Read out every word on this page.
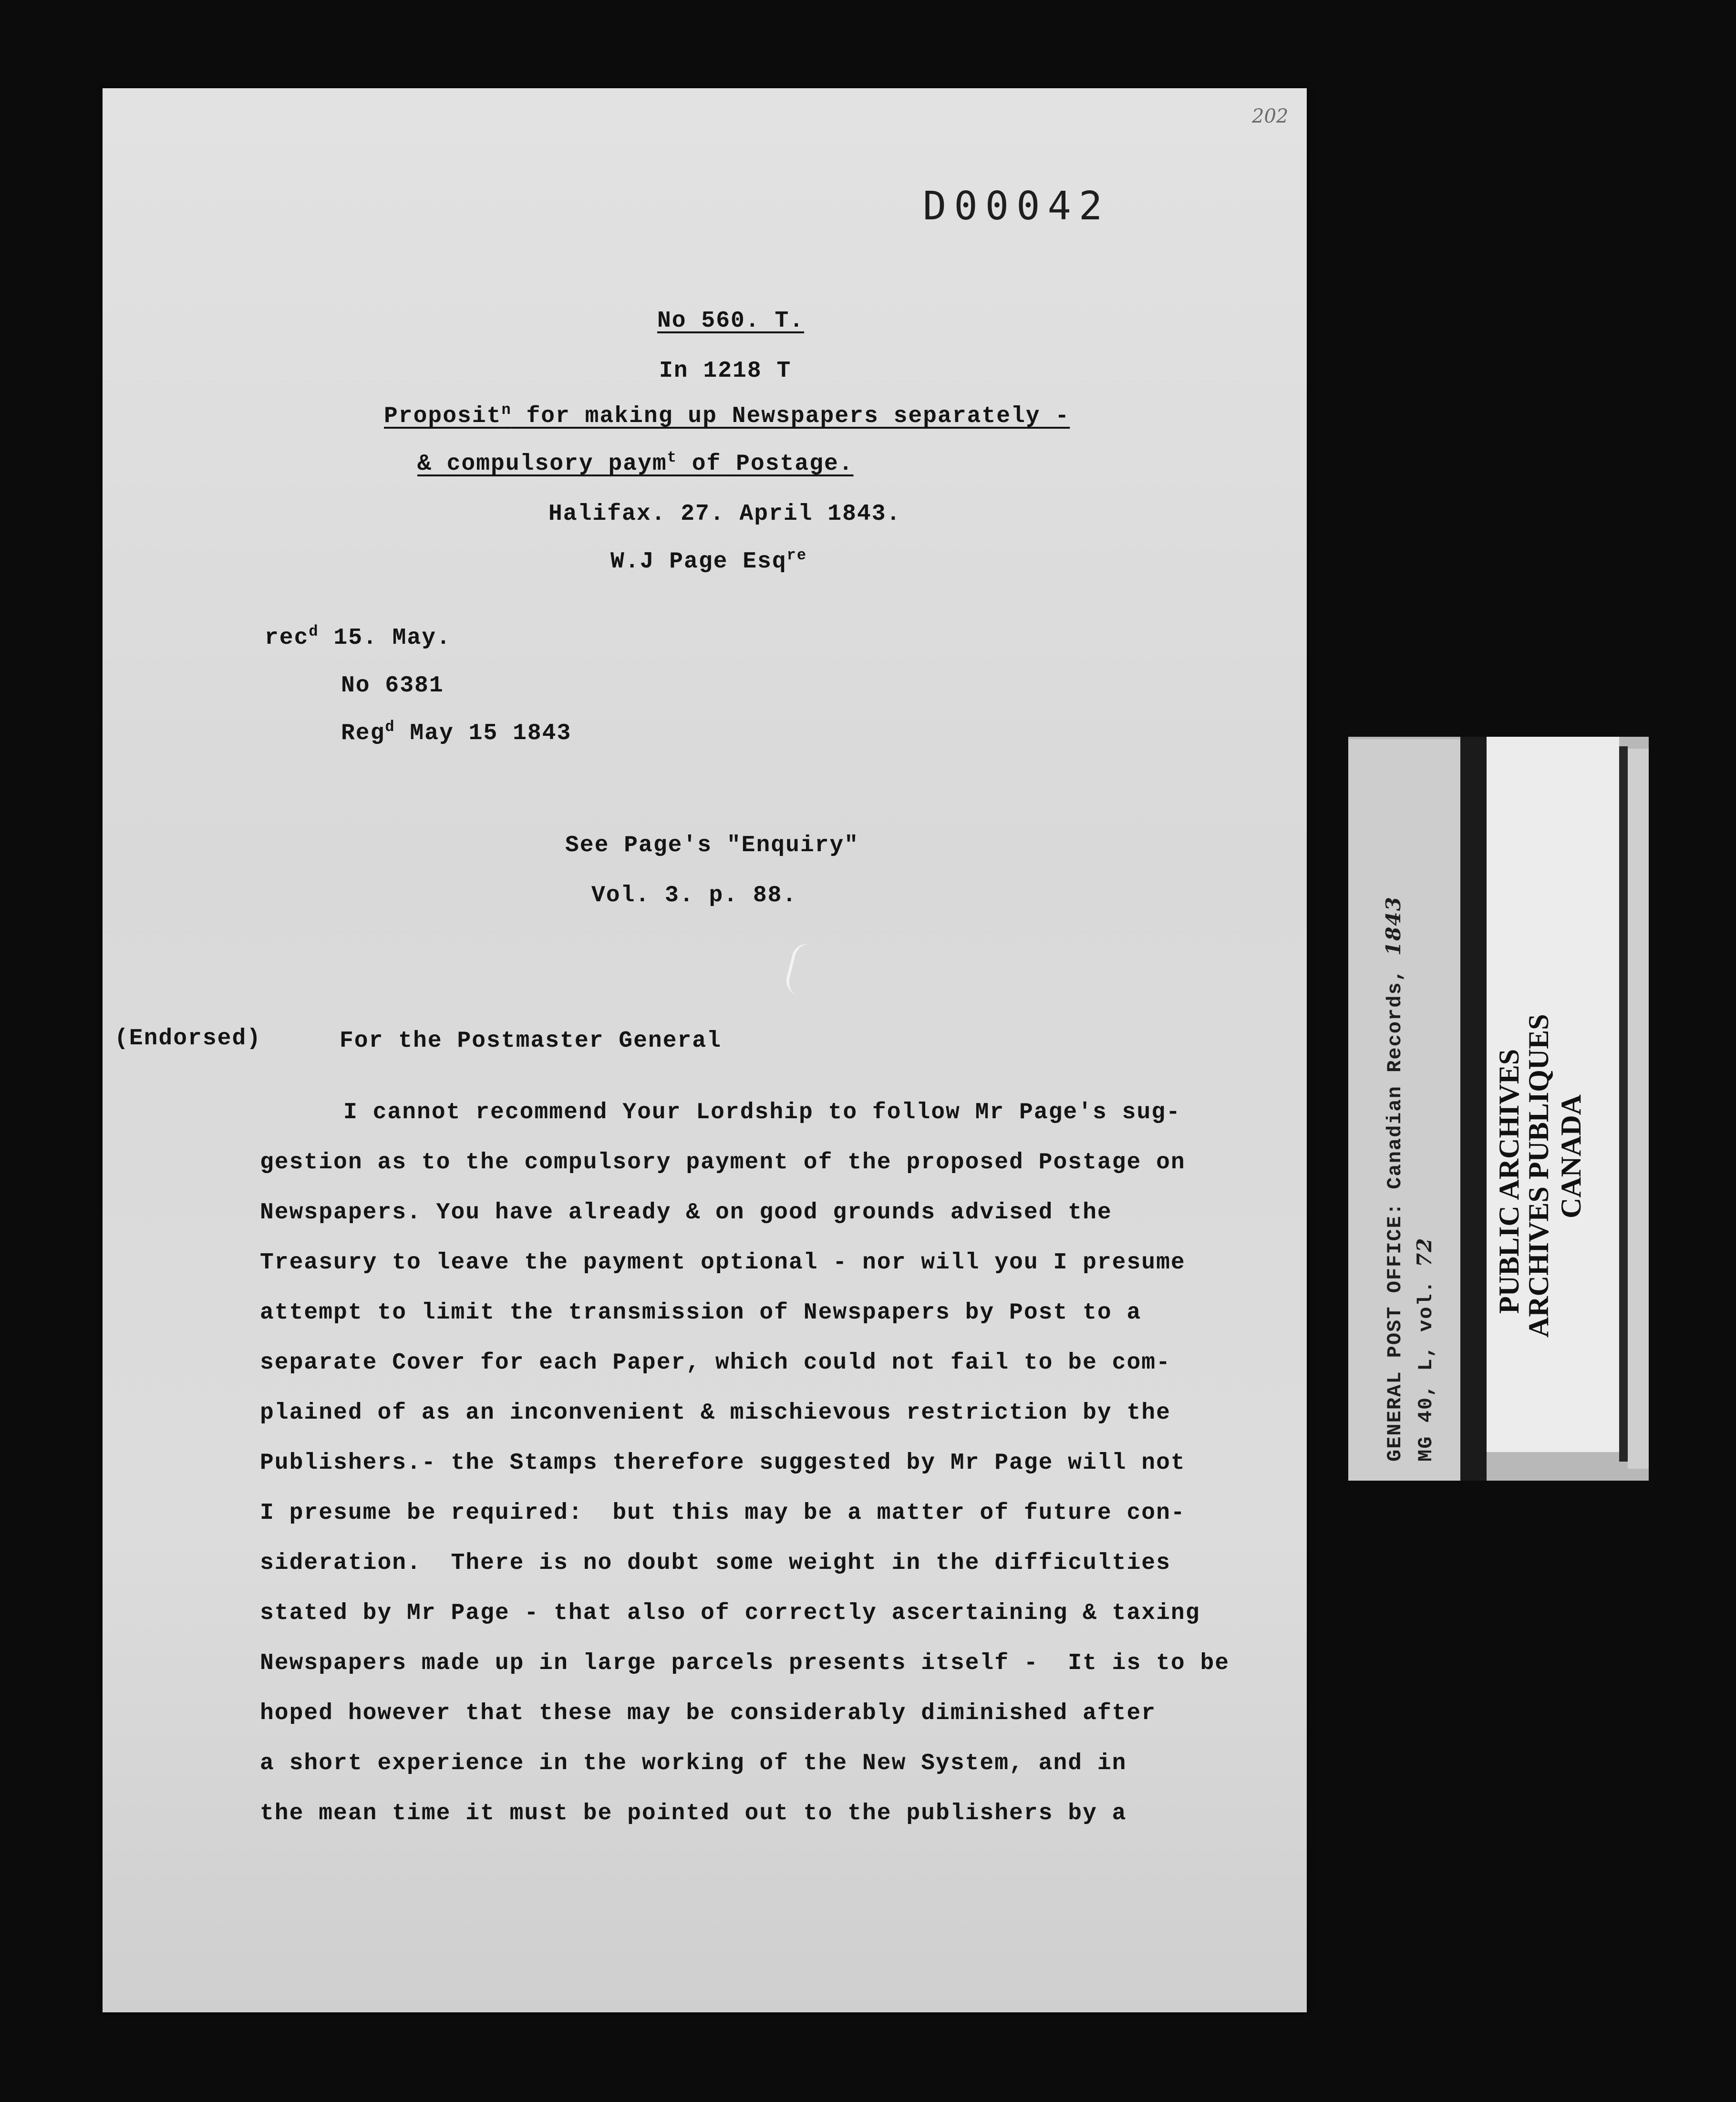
202
D00042
No 560. T.
In 1218 T
Proposit$^n$ for making up Newspapers separately -
& compulsory paym$^t$ of Postage.
Halifax. 27. April 1843.
W.J Page Esq$^{re}$
rec$^d$ 15. May.
No 6381
Reg$^d$ May 15 1843
See Page's "Enquiry"
Vol. 3. p. 88.
(Endorsed)	For the Postmaster General
I cannot recommend Your Lordship to follow Mr Page's sug-
gestion as to the compulsory payment of the proposed Postage on
Newspapers. You have already & on good grounds advised the
Treasury to leave the payment optional - nor will you I presume
attempt to limit the transmission of Newspapers by Post to a
separate Cover for each Paper, which could not fail to be com-
plained of as an inconvenient & mischievous restriction by the
Publishers.- the Stamps therefore suggested by Mr Page will not
I presume be required:  but this may be a matter of future con-
sideration.  There is no doubt some weight in the difficulties
stated by Mr Page - that also of correctly ascertaining & taxing
Newspapers made up in large parcels presents itself -  It is to be
hoped however that these may be considerably diminished after
a short experience in the working of the New System, and in
the mean time it must be pointed out to the publishers by a
GENERAL POST OFFICE: Canadian Records, 1843
MG 40, L, vol. 72 PUBLIC ARCHIVES
ARCHIVES PUBLIQUES CANADA
